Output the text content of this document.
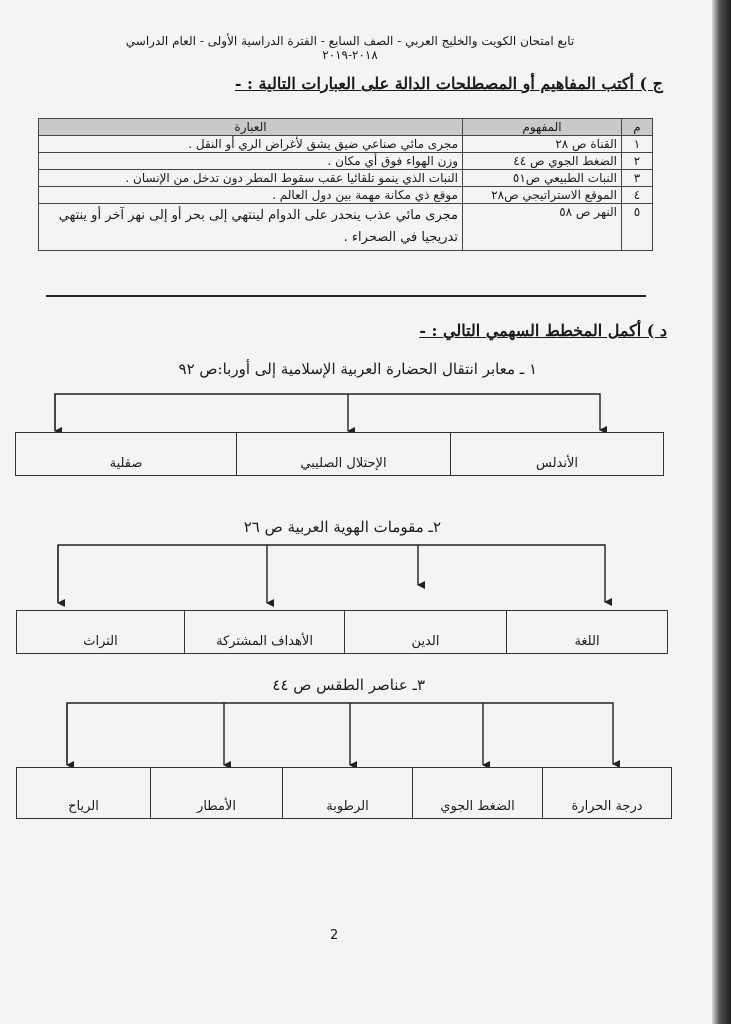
تابع امتحان الكويت والخليج العربي - الصف السابع - الفترة الدراسية الأولى - العام الدراسي ٢٠١٨-٢٠١٩
ج ) أكتب المفاهيم أو المصطلحات الدالة على العبارات التالية : -
م	المفهوم	العبارة
١	القناة ص ٢٨	مجرى مائي صناعي ضيق يشق لأغراض الري أو النقل .
٢	الضغط الجوي ص ٤٤	وزن الهواء فوق أي مكان .
٣	النبات الطبيعي ص٥١	النبات الذي ينمو تلقائيا عقب سقوط المطر دون تدخل من الإنسان .
٤	الموقع الاستراتيجي ص٢٨	موقع ذي مكانة مهمة بين دول العالم .
٥	النهر ص ٥٨	مجرى مائي عذب ينحدر على الدوام لينتهي إلى بحر أو إلى نهر آخر أو ينتهي تدريجيا في الصحراء .
د ) أكمل المخطط السهمي التالي : -
١ ـ معابر انتقال الحضارة العربية الإسلامية إلى أوربا:ص ٩٢
صقلية	الإحتلال الصليبي	الأندلس
٢ـ مقومات الهوية العربية ص ٢٦
التراث	الأهداف المشتركة	الدين	اللغة
٣ـ عناصر الطقس ص ٤٤
الرياح	الأمطار	الرطوبة	الضغط الجوي	درجة الحرارة
2
